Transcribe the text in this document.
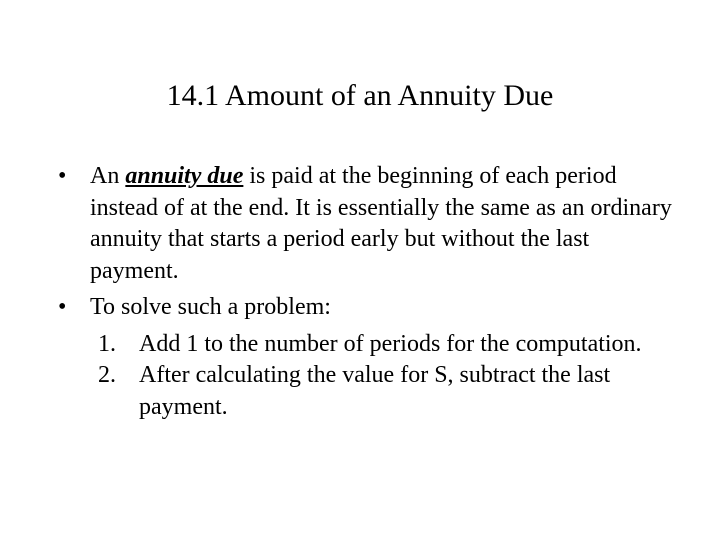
14.1 Amount of an Annuity Due
• An annuity due is paid at the beginning of each period instead of at the end. It is essentially the same as an ordinary annuity that starts a period early but without the last payment.
• To solve such a problem:
1. Add 1 to the number of periods for the computation.
2. After calculating the value for S, subtract the last payment.
